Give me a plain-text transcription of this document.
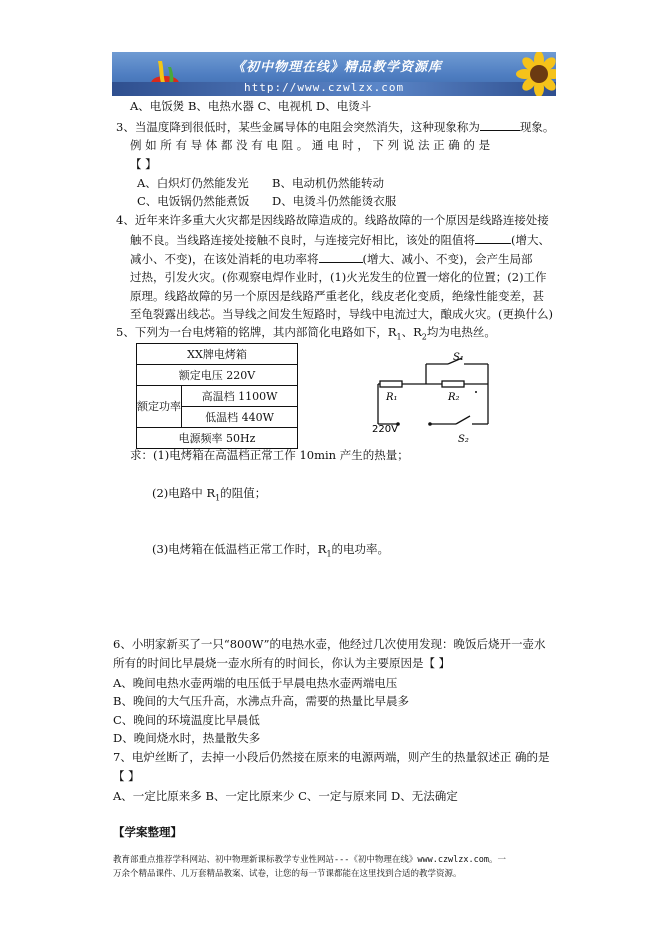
《初中物理在线》精品教学资源库
http://www.czwlzx.com
A、电饭煲 B、电热水器 C、电视机 D、电烫斗
3、当温度降到很低时，某些金属导体的电阻会突然消失，这种现象称为	现象。
例 如 所 有 导 体 都 没 有 电 阻 。 通 电 时 ， 下 列 说 法 正 确 的 是
【 】
A、白炽灯仍然能发光 B、电动机仍然能转动
C、电饭锅仍然能煮饭 D、电烫斗仍然能烫衣服
4、近年来许多重大火灾都是因线路故障造成的。线路故障的一个原因是线路连接处接
触不良。当线路连接处接触不良时，与连接完好相比，该处的阻值将	(增大、
减小、不变)，在该处消耗的电功率将	(增大、减小、不变)，会产生局部
过热，引发火灾。(你观察电焊作业时，(1)火光发生的位置一熔化的位置；(2)工作
原理。线路故障的另一个原因是线路严重老化，线皮老化变质，绝缘性能变差，甚
至龟裂露出线芯。当导线之间发生短路时，导线中电流过大，酿成火灾。(更换什么)
5、下列为一台电烤箱的铭牌，其内部简化电路如下，$R_1$、$R_2$均为电热丝。
XX牌电烤箱
额定电压 220V
额定功率	高温档 1100W
低温档 440W
电源频率 50Hz
S₁
R₁	R₂
220V
S₂
求：(1)电烤箱在高温档正常工作 10min 产生的热量；
(2)电路中 $R_1$的阻值；
(3)电烤箱在低温档正常工作时，$R_1$的电功率。
6、小明家新买了一只“800W”的电热水壶，他经过几次使用发现：晚饭后烧开一壶水
所有的时间比早晨烧一壶水所有的时间长，你认为主要原因是【 】
A、晚间电热水壶两端的电压低于早晨电热水壶两端电压
B、晚间的大气压升高，水沸点升高，需要的热量比早晨多
C、晚间的环境温度比早晨低
D、晚间烧水时，热量散失多
7、电炉丝断了，去掉一小段后仍然接在原来的电源两端，则产生的热量叙述正 确的是
【 】
A、一定比原来多 B、一定比原来少 C、一定与原来同 D、无法确定
【学案整理】
教育部重点推荐学科网站、初中物理新课标教学专业性网站---《初中物理在线》www.czwlzx.com。一
万余个精品课件、几万套精品教案、试卷，让您的每一节课都能在这里找到合适的教学资源。
